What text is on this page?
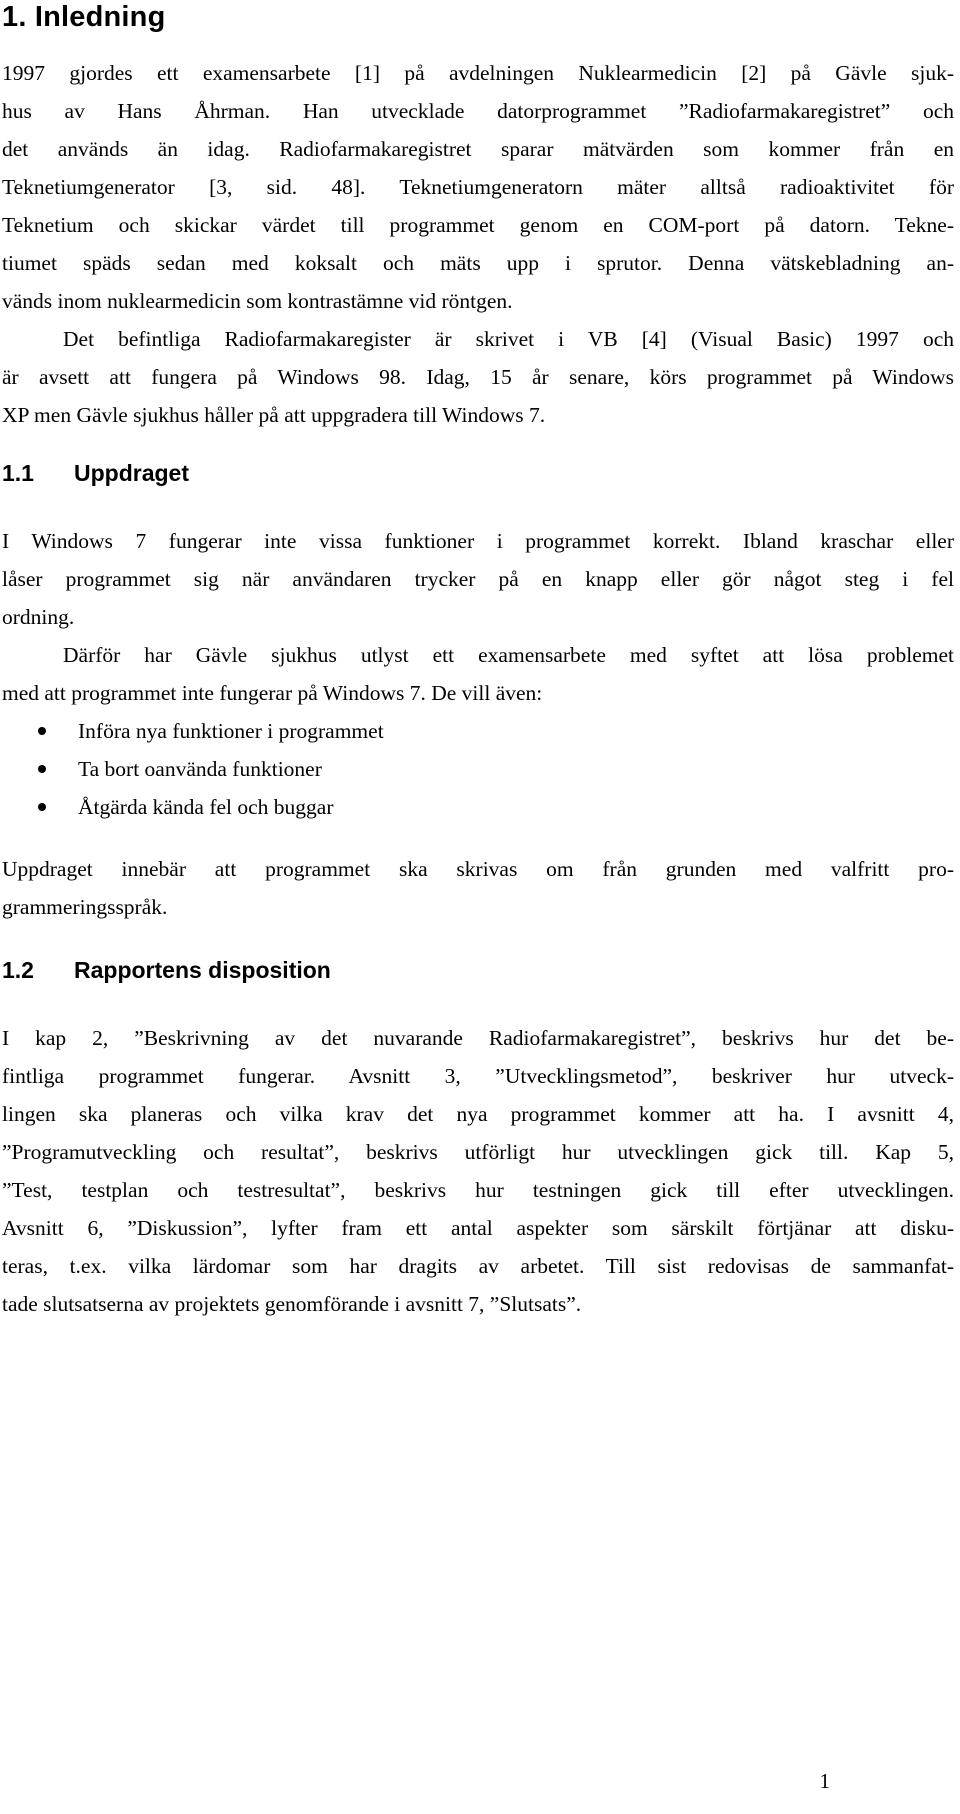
1. Inledning
1997 gjordes ett examensarbete [1] på avdelningen Nuklearmedicin [2] på Gävle sjuk-
hus av Hans Åhrman. Han utvecklade datorprogrammet ”Radiofarmakaregistret” och
det används än idag. Radiofarmakaregistret sparar mätvärden som kommer från en
Teknetiumgenerator [3, sid. 48]. Teknetiumgeneratorn mäter alltså radioaktivitet för
Teknetium och skickar värdet till programmet genom en COM-port på datorn. Tekne-
tiumet späds sedan med koksalt och mäts upp i sprutor. Denna vätskebladning an-
vänds inom nuklearmedicin som kontrastämne vid röntgen.
Det befintliga Radiofarmakaregister är skrivet i VB [4] (Visual Basic) 1997 och
är avsett att fungera på Windows 98. Idag, 15 år senare, körs programmet på Windows
XP men Gävle sjukhus håller på att uppgradera till Windows 7.
1.1 Uppdraget
I Windows 7 fungerar inte vissa funktioner i programmet korrekt. Ibland kraschar eller
låser programmet sig när användaren trycker på en knapp eller gör något steg i fel
ordning.
Därför har Gävle sjukhus utlyst ett examensarbete med syftet att lösa problemet
med att programmet inte fungerar på Windows 7. De vill även:
Införa nya funktioner i programmet
Ta bort oanvända funktioner
Åtgärda kända fel och buggar
Uppdraget innebär att programmet ska skrivas om från grunden med valfritt pro-
grammeringsspråk.
1.2 Rapportens disposition
I kap 2, ”Beskrivning av det nuvarande Radiofarmakaregistret”, beskrivs hur det be-
fintliga programmet fungerar. Avsnitt 3, ”Utvecklingsmetod”, beskriver hur utveck-
lingen ska planeras och vilka krav det nya programmet kommer att ha. I avsnitt 4,
”Programutveckling och resultat”, beskrivs utförligt hur utvecklingen gick till. Kap 5,
”Test, testplan och testresultat”, beskrivs hur testningen gick till efter utvecklingen.
Avsnitt 6, ”Diskussion”, lyfter fram ett antal aspekter som särskilt förtjänar att disku-
teras, t.ex. vilka lärdomar som har dragits av arbetet. Till sist redovisas de sammanfat-
tade slutsatserna av projektets genomförande i avsnitt 7, ”Slutsats”.
1
